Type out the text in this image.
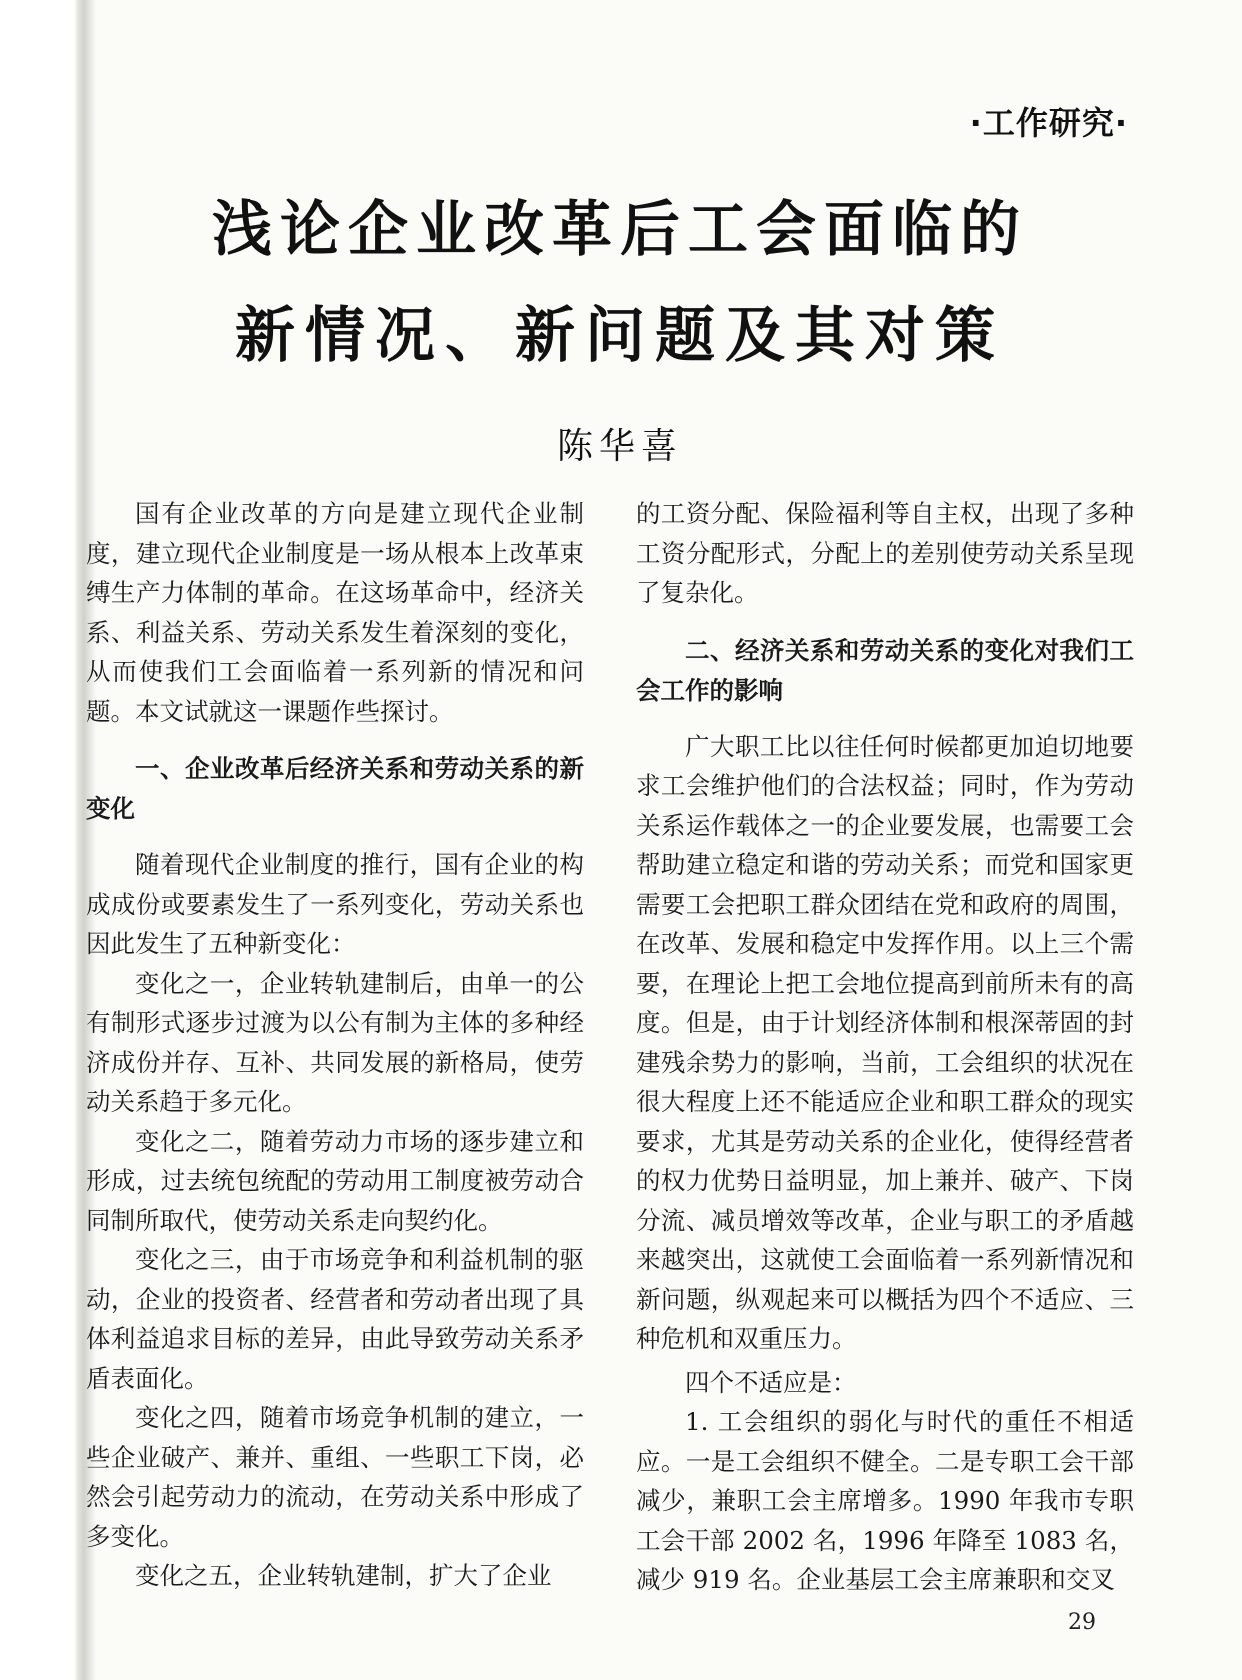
·工作研究·
浅论企业改革后工会面临的
新情况、新问题及其对策
陈华喜

国有企业改革的方向是建立现代企业制度，建立现代企业制度是一场从根本上改革束缚生产力体制的革命。在这场革命中，经济关系、利益关系、劳动关系发生着深刻的变化，从而使我们工会面临着一系列新的情况和问题。本文试就这一课题作些探讨。

一、企业改革后经济关系和劳动关系的新变化

随着现代企业制度的推行，国有企业的构成成份或要素发生了一系列变化，劳动关系也因此发生了五种新变化：

变化之一，企业转轨建制后，由单一的公有制形式逐步过渡为以公有制为主体的多种经济成份并存、互补、共同发展的新格局，使劳动关系趋于多元化。

变化之二，随着劳动力市场的逐步建立和形成，过去统包统配的劳动用工制度被劳动合同制所取代，使劳动关系走向契约化。

变化之三，由于市场竞争和利益机制的驱动，企业的投资者、经营者和劳动者出现了具体利益追求目标的差异，由此导致劳动关系矛盾表面化。

变化之四，随着市场竞争机制的建立，一些企业破产、兼并、重组、一些职工下岗，必然会引起劳动力的流动，在劳动关系中形成了多变化。

变化之五，企业转轨建制，扩大了企业

的工资分配、保险福利等自主权，出现了多种工资分配形式，分配上的差别使劳动关系呈现了复杂化。

二、经济关系和劳动关系的变化对我们工会工作的影响

广大职工比以往任何时候都更加迫切地要求工会维护他们的合法权益；同时，作为劳动关系运作载体之一的企业要发展，也需要工会帮助建立稳定和谐的劳动关系；而党和国家更需要工会把职工群众团结在党和政府的周围，在改革、发展和稳定中发挥作用。以上三个需要，在理论上把工会地位提高到前所未有的高度。但是，由于计划经济体制和根深蒂固的封建残余势力的影响，当前，工会组织的状况在很大程度上还不能适应企业和职工群众的现实要求，尤其是劳动关系的企业化，使得经营者的权力优势日益明显，加上兼并、破产、下岗分流、减员增效等改革，企业与职工的矛盾越来越突出，这就使工会面临着一系列新情况和新问题，纵观起来可以概括为四个不适应、三种危机和双重压力。

四个不适应是：

1. 工会组织的弱化与时代的重任不相适应。一是工会组织不健全。二是专职工会干部减少，兼职工会主席增多。1990 年我市专职工会干部 2002 名，1996 年降至 1083 名，减少 919 名。企业基层工会主席兼职和交叉

29
